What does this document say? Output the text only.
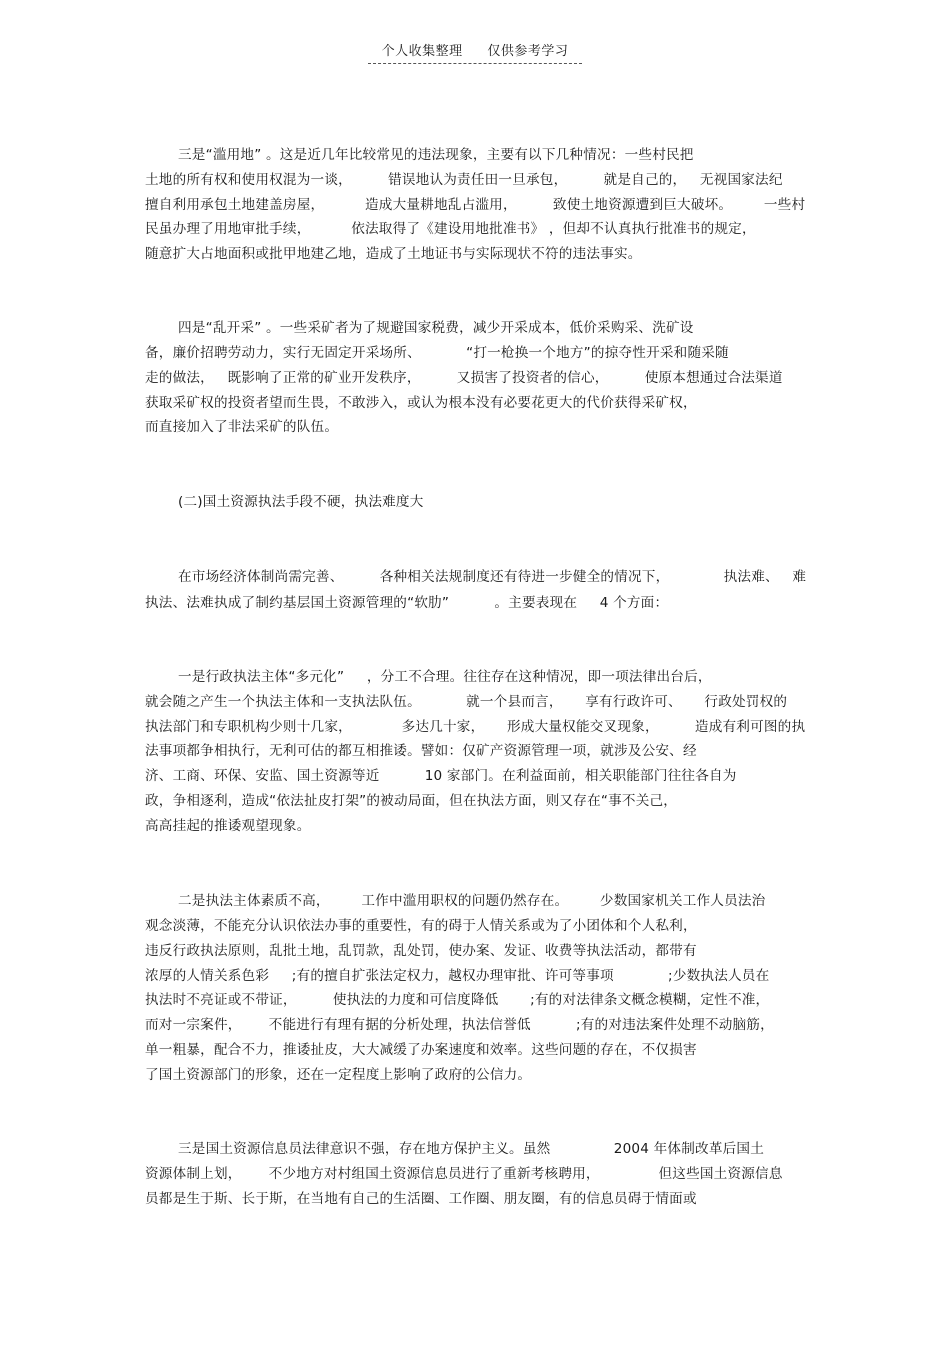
个人收集整理 仅供参考学习
三是“滥用地” 。这是近几年比较常见的违法现象，主要有以下几种情况：一些村民把
土地的所有权和使用权混为一谈，        错误地认为责任田一旦承包，        就是自己的，   无视国家法纪
擅自利用承包土地建盖房屋，         造成大量耕地乱占滥用，        致使土地资源遭到巨大破坏。       一些村
民虽办理了用地审批手续，         依法取得了《建设用地批准书》 ，但却不认真执行批准书的规定，
随意扩大占地面积或批甲地建乙地，造成了土地证书与实际现状不符的违法事实。
四是“乱开采” 。一些采矿者为了规避国家税费，减少开采成本，低价采购采、洗矿设
备，廉价招聘劳动力，实行无固定开采场所、          “打一枪换一个地方”的掠夺性开采和随采随
走的做法，   既影响了正常的矿业开发秩序，        又损害了投资者的信心，        使原本想通过合法渠道
获取采矿权的投资者望而生畏，不敢涉入，或认为根本没有必要花更大的代价获得采矿权，
而直接加入了非法采矿的队伍。
(二)国土资源执法手段不硬，执法难度大
在市场经济体制尚需完善、        各种相关法规制度还有待进一步健全的情况下，            执法难、   难
执法、法难执成了制约基层国土资源管理的“软肋”          。主要表现在     4 个方面：
一是行政执法主体“多元化”     ，分工不合理。往往存在这种情况，即一项法律出台后，
就会随之产生一个执法主体和一支执法队伍。          就一个县而言，     享有行政许可、     行政处罚权的
执法部门和专职机构少则十几家，           多达几十家，     形成大量权能交叉现象，        造成有利可图的执
法事项都争相执行，无利可估的都互相推诿。譬如：仅矿产资源管理一项，就涉及公安、经
济、工商、环保、安监、国土资源等近          10 家部门。在利益面前，相关职能部门往往各自为
政，争相逐利，造成“依法扯皮打架”的被动局面，但在执法方面，则又存在“事不关己，
高高挂起的推诿观望现象。
二是执法主体素质不高，       工作中滥用职权的问题仍然存在。       少数国家机关工作人员法治
观念淡薄，不能充分认识依法办事的重要性，有的碍于人情关系或为了小团体和个人私利，
违反行政执法原则，乱批土地，乱罚款，乱处罚，使办案、发证、收费等执法活动，都带有
浓厚的人情关系色彩     ;有的擅自扩张法定权力，越权办理审批、许可等事项            ;少数执法人员在
执法时不亮证或不带证，        使执法的力度和可信度降低       ;有的对法律条文概念模糊，定性不准，
而对一宗案件，      不能进行有理有据的分析处理，执法信誉低          ;有的对违法案件处理不动脑筋，
单一粗暴，配合不力，推诿扯皮，大大减缓了办案速度和效率。这些问题的存在，不仅损害
了国土资源部门的形象，还在一定程度上影响了政府的公信力。
三是国土资源信息员法律意识不强，存在地方保护主义。虽然              2004 年体制改革后国土
资源体制上划，      不少地方对村组国土资源信息员进行了重新考核聘用，             但这些国土资源信息
员都是生于斯、长于斯，在当地有自己的生活圈、工作圈、朋友圈，有的信息员碍于情面或
